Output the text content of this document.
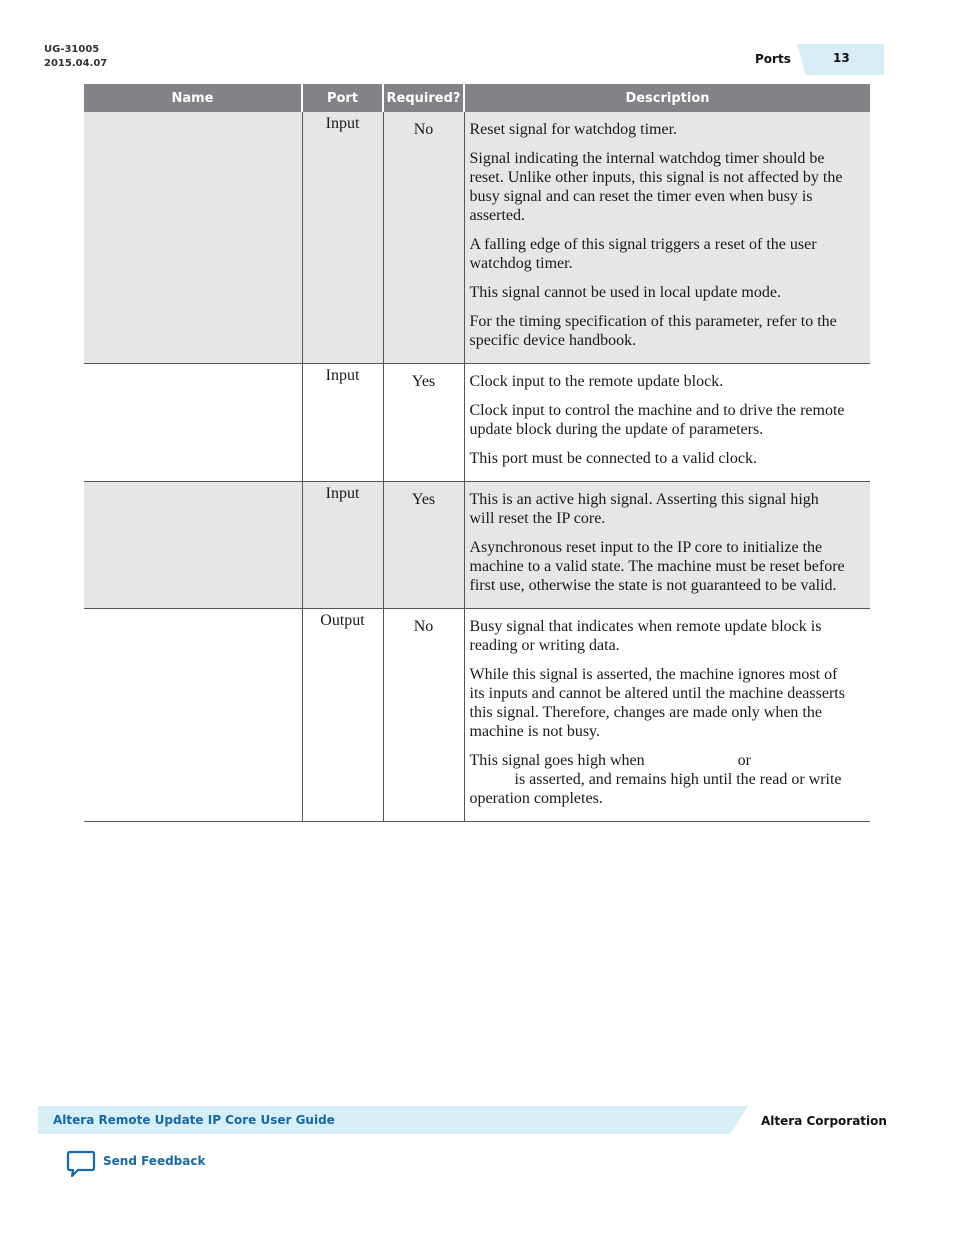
UG-31005
2015.04.07	Ports	13
Name	Port	Required?	Description
	Input	No	Reset signal for watchdog timer.

Signal indicating the internal watchdog timer should be reset. Unlike other inputs, this signal is not affected by the busy signal and can reset the timer even when busy is asserted.

A falling edge of this signal triggers a reset of the user watchdog timer.

This signal cannot be used in local update mode.

For the timing specification of this parameter, refer to the specific device handbook.

	Input	Yes	Clock input to the remote update block.

Clock input to control the machine and to drive the remote update block during the update of parameters.

This port must be connected to a valid clock.

	Input	Yes	This is an active high signal. Asserting this signal high will reset the IP core.

Asynchronous reset input to the IP core to initialize the machine to a valid state. The machine must be reset before first use, otherwise the state is not guaranteed to be valid.

	Output	No	Busy signal that indicates when remote update block is reading or writing data.

While this signal is asserted, the machine ignores most of its inputs and cannot be altered until the machine deasserts this signal. Therefore, changes are made only when the machine is not busy.

This signal goes high when or
is asserted, and remains high until the read or write operation completes.

Altera Remote Update IP Core User Guide	Altera Corporation
Send Feedback
